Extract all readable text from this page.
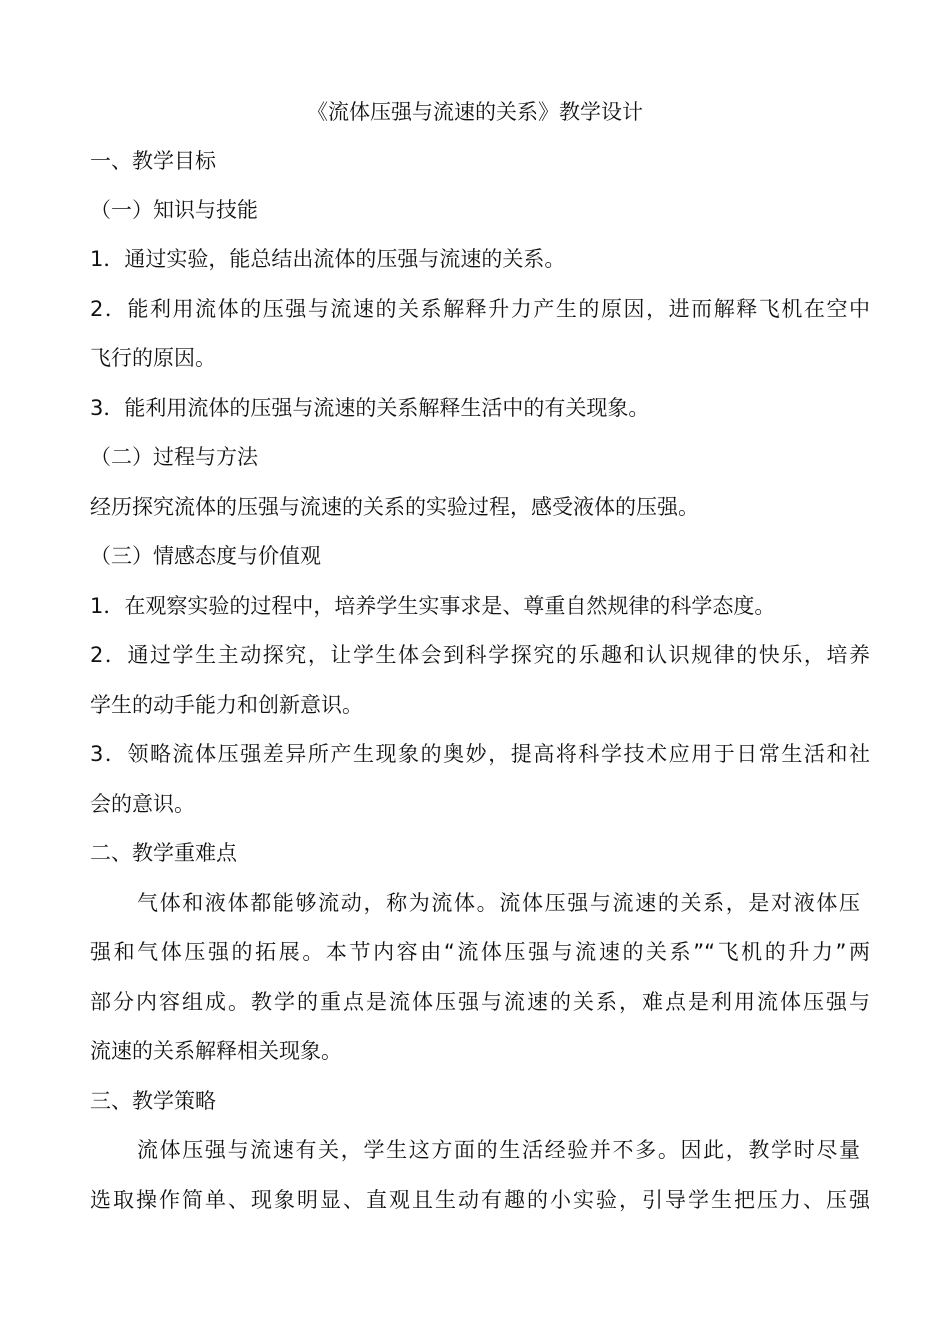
《流体压强与流速的关系》教学设计
一、教学目标
（一）知识与技能
1．通过实验，能总结出流体的压强与流速的关系。
2．能利用流体的压强与流速的关系解释升力产生的原因，进而解释飞机在空中
飞行的原因。
3．能利用流体的压强与流速的关系解释生活中的有关现象。
（二）过程与方法
经历探究流体的压强与流速的关系的实验过程，感受液体的压强。
（三）情感态度与价值观
1．在观察实验的过程中，培养学生实事求是、尊重自然规律的科学态度。
2．通过学生主动探究，让学生体会到科学探究的乐趣和认识规律的快乐，培养
学生的动手能力和创新意识。
3．领略流体压强差异所产生现象的奥妙，提高将科学技术应用于日常生活和社
会的意识。
二、教学重难点
气体和液体都能够流动，称为流体。流体压强与流速的关系，是对液体压
强和气体压强的拓展。本节内容由“流体压强与流速的关系”“飞机的升力”两
部分内容组成。教学的重点是流体压强与流速的关系，难点是利用流体压强与
流速的关系解释相关现象。
三、教学策略
流体压强与流速有关，学生这方面的生活经验并不多。因此，教学时尽量
选取操作简单、现象明显、直观且生动有趣的小实验，引导学生把压力、压强
